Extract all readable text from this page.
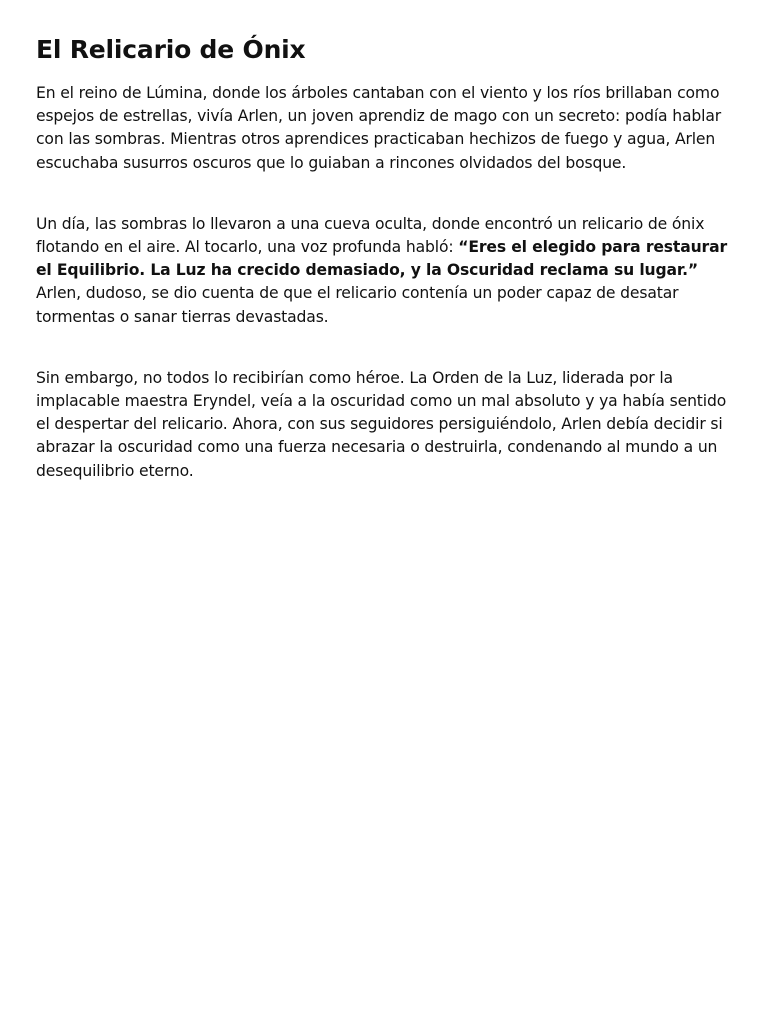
El Relicario de Ónix

En el reino de Lúmina, donde los árboles cantaban con el viento y los ríos brillaban como espejos de estrellas, vivía Arlen, un joven aprendiz de mago con un secreto: podía hablar con las sombras. Mientras otros aprendices practicaban hechizos de fuego y agua, Arlen escuchaba susurros oscuros que lo guiaban a rincones olvidados del bosque.

Un día, las sombras lo llevaron a una cueva oculta, donde encontró un relicario de ónix flotando en el aire. Al tocarlo, una voz profunda habló: “Eres el elegido para restaurar el Equilibrio. La Luz ha crecido demasiado, y la Oscuridad reclama su lugar.” Arlen, dudoso, se dio cuenta de que el relicario contenía un poder capaz de desatar tormentas o sanar tierras devastadas.

Sin embargo, no todos lo recibirían como héroe. La Orden de la Luz, liderada por la implacable maestra Eryndel, veía a la oscuridad como un mal absoluto y ya había sentido el despertar del relicario. Ahora, con sus seguidores persiguiéndolo, Arlen debía decidir si abrazar la oscuridad como una fuerza necesaria o destruirla, condenando al mundo a un desequilibrio eterno.
